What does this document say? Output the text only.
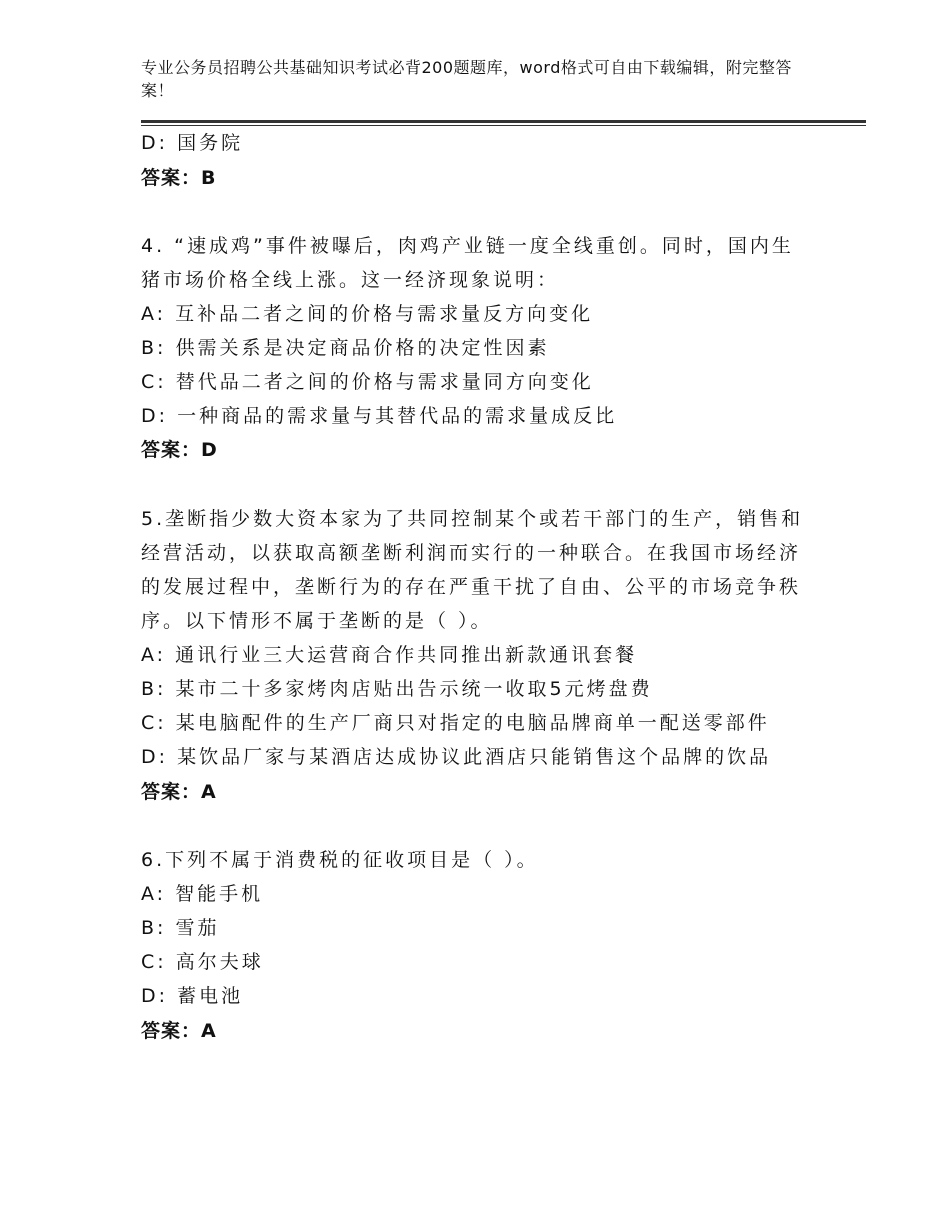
专业公务员招聘公共基础知识考试必背200题题库，word格式可自由下载编辑，附完整答案！
D: 国务院
答案：B
4. “速成鸡”事件被曝后，肉鸡产业链一度全线重创。同时，国内生
猪市场价格全线上涨。这一经济现象说明：
A: 互补品二者之间的价格与需求量反方向变化
B: 供需关系是决定商品价格的决定性因素
C: 替代品二者之间的价格与需求量同方向变化
D: 一种商品的需求量与其替代品的需求量成反比
答案：D
5.垄断指少数大资本家为了共同控制某个或若干部门的生产，销售和
经营活动，以获取高额垄断利润而实行的一种联合。在我国市场经济
的发展过程中，垄断行为的存在严重干扰了自由、公平的市场竞争秩
序。以下情形不属于垄断的是（ ）。
A: 通讯行业三大运营商合作共同推出新款通讯套餐
B: 某市二十多家烤肉店贴出告示统一收取5元烤盘费
C: 某电脑配件的生产厂商只对指定的电脑品牌商单一配送零部件
D: 某饮品厂家与某酒店达成协议此酒店只能销售这个品牌的饮品
答案：A
6.下列不属于消费税的征收项目是（ ）。
A: 智能手机
B: 雪茄
C: 高尔夫球
D: 蓄电池
答案：A
